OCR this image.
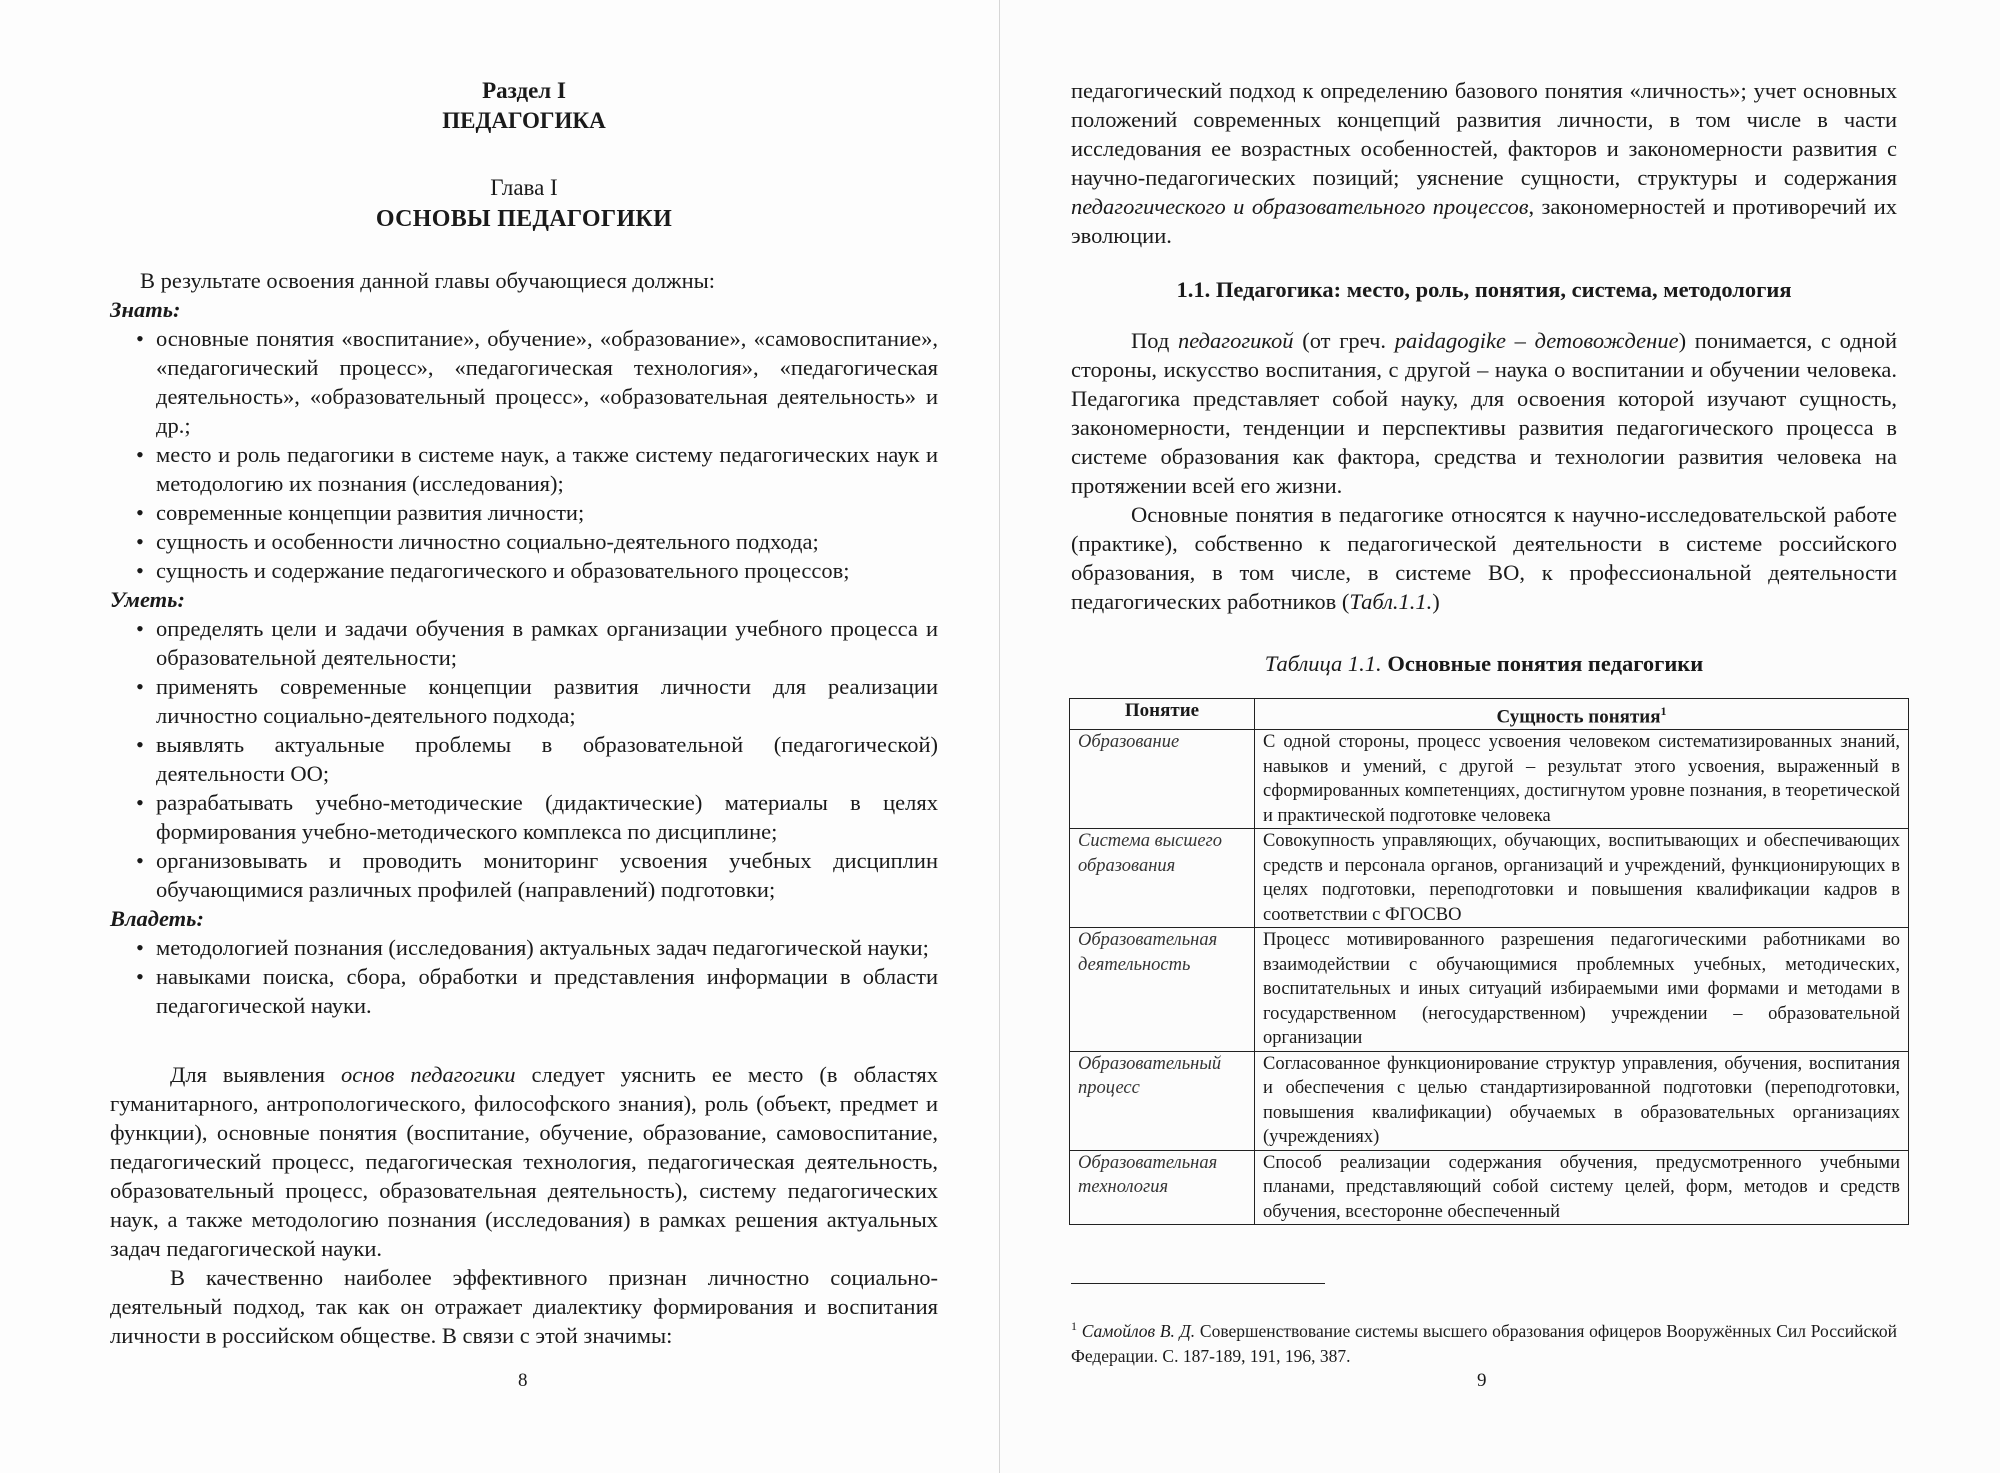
Раздел I

ПЕДАГОГИКА

Глава I

ОСНОВЫ ПЕДАГОГИКИ

В результате освоения данной главы обучающиеся должны:

Знать:

• основные понятия «воспитание», обучение», «образование», «самовоспитание», «педагогический процесс», «педагогическая технология», «педагогическая деятельность», «образовательный процесс», «образовательная деятельность» и др.;
• место и роль педагогики в системе наук, а также систему педагогических наук и методологию их познания (исследования);
• современные концепции развития личности;
• сущность и особенности личностно социально-деятельного подхода;
• сущность и содержание педагогического и образовательного процессов;

Уметь:

• определять цели и задачи обучения в рамках организации учебного процесса и образовательной деятельности;
• применять современные концепции развития личности для реализации личностно социально-деятельного подхода;
• выявлять актуальные проблемы в образовательной (педагогической) деятельности ОО;
• разрабатывать учебно-методические (дидактические) материалы в целях формирования учебно-методического комплекса по дисциплине;
• организовывать и проводить мониторинг усвоения учебных дисциплин обучающимися различных профилей (направлений) подготовки;

Владеть:

• методологией познания (исследования) актуальных задач педагогической науки;
• навыками поиска, сбора, обработки и представления информации в области педагогической науки.

Для выявления основ педагогики следует уяснить ее место (в областях гуманитарного, антропологического, философского знания), роль (объект, предмет и функции), основные понятия (воспитание, обучение, образование, самовоспитание, педагогический процесс, педагогическая технология, педагогическая деятельность, образовательный процесс, образовательная деятельность), систему педагогических наук, а также методологию познания (исследования) в рамках решения актуальных задач педагогической науки.

В качественно наиболее эффективного признан личностно социально-деятельный подход, так как он отражает диалектику формирования и воспитания личности в российском обществе. В связи с этой значимы:

8

педагогический подход к определению базового понятия «личность»; учет основных положений современных концепций развития личности, в том числе в части исследования ее возрастных особенностей, факторов и закономерности развития с научно-педагогических позиций; уяснение сущности, структуры и содержания педагогического и образовательного процессов, закономерностей и противоречий их эволюции.

1.1. Педагогика: место, роль, понятия, система, методология

Под педагогикой (от греч. paidagogike – детовождение) понимается, с одной стороны, искусство воспитания, с другой – наука о воспитании и обучении человека. Педагогика представляет собой науку, для освоения которой изучают сущность, закономерности, тенденции и перспективы развития педагогического процесса в системе образования как фактора, средства и технологии развития человека на протяжении всей его жизни.

Основные понятия в педагогике относятся к научно-исследовательской работе (практике), собственно к педагогической деятельности в системе российского образования, в том числе, в системе ВО, к профессиональной деятельности педагогических работников (Табл.1.1.)

Таблица 1.1. Основные понятия педагогики

Понятие	Сущность понятия$^1$
Образование	С одной стороны, процесс усвоения человеком систематизированных знаний, навыков и умений, с другой – результат этого усвоения, выраженный в сформированных компетенциях, достигнутом уровне познания, в теоретической и практической подготовке человека
Система высшего образования	Совокупность управляющих, обучающих, воспитывающих и обеспечивающих средств и персонала органов, организаций и учреждений, функционирующих в целях подготовки, переподготовки и повышения квалификации кадров в соответствии с ФГОСВО
Образовательная деятельность	Процесс мотивированного разрешения педагогическими работниками во взаимодействии с обучающимися проблемных учебных, методических, воспитательных и иных ситуаций избираемыми ими формами и методами в государственном (негосударственном) учреждении – образовательной организации
Образовательный процесс	Согласованное функционирование структур управления, обучения, воспитания и обеспечения с целью стандартизированной подготовки (переподготовки, повышения квалификации) обучаемых в образовательных организациях (учреждениях)
Образовательная технология	Способ реализации содержания обучения, предусмотренного учебными планами, представляющий собой систему целей, форм, методов и средств обучения, всесторонне обеспеченный

$^1$ Самойлов В. Д. Совершенствование системы высшего образования офицеров Вооружённых Сил Российской Федерации. С. 187-189, 191, 196, 387.

9
